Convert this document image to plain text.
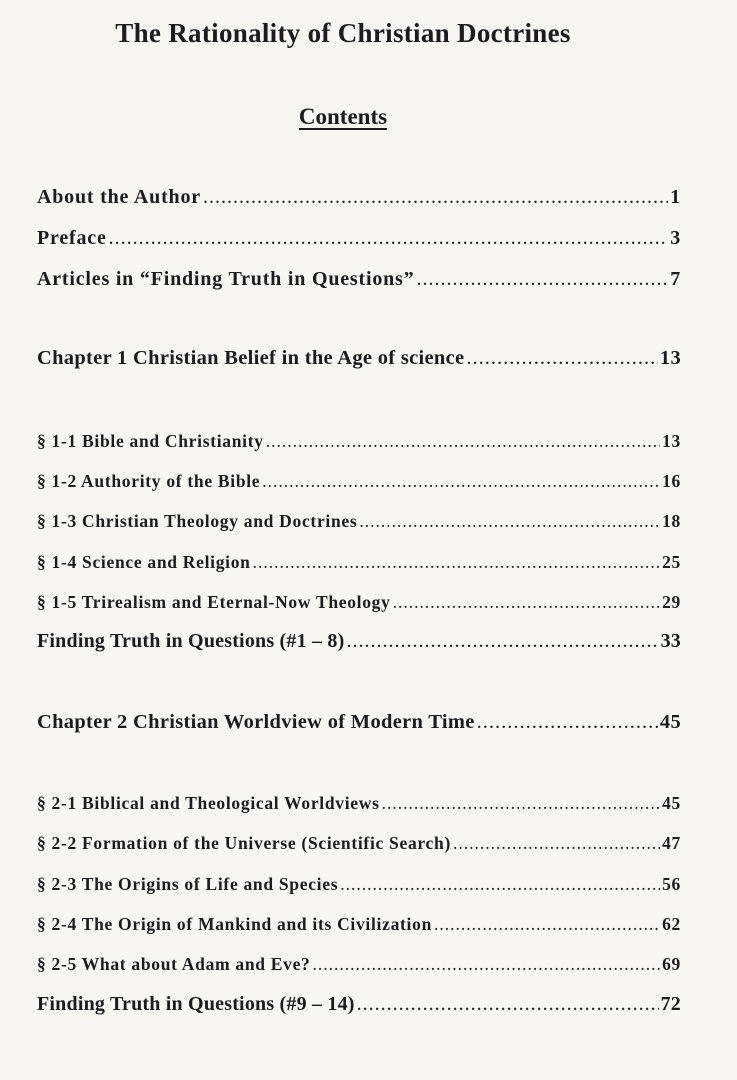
The Rationality of Christian Doctrines
Contents
About the Author .....	1
Preface .....	3
Articles in “Finding Truth in Questions” .....	7
Chapter 1 Christian Belief in the Age of science .....	13
§ 1-1 Bible and Christianity .....	13
§ 1-2 Authority of the Bible .....	16
§ 1-3 Christian Theology and Doctrines .....	18
§ 1-4 Science and Religion .....	25
§ 1-5 Trirealism and Eternal-Now Theology .....	29
Finding Truth in Questions (#1 – 8) .....	33
Chapter 2 Christian Worldview of Modern Time .....	45
§ 2-1 Biblical and Theological Worldviews .....	45
§ 2-2 Formation of the Universe (Scientific Search) .....	47
§ 2-3 The Origins of Life and Species .....	56
§ 2-4 The Origin of Mankind and its Civilization .....	62
§ 2-5 What about Adam and Eve? .....	69
Finding Truth in Questions (#9 – 14) .....	72
